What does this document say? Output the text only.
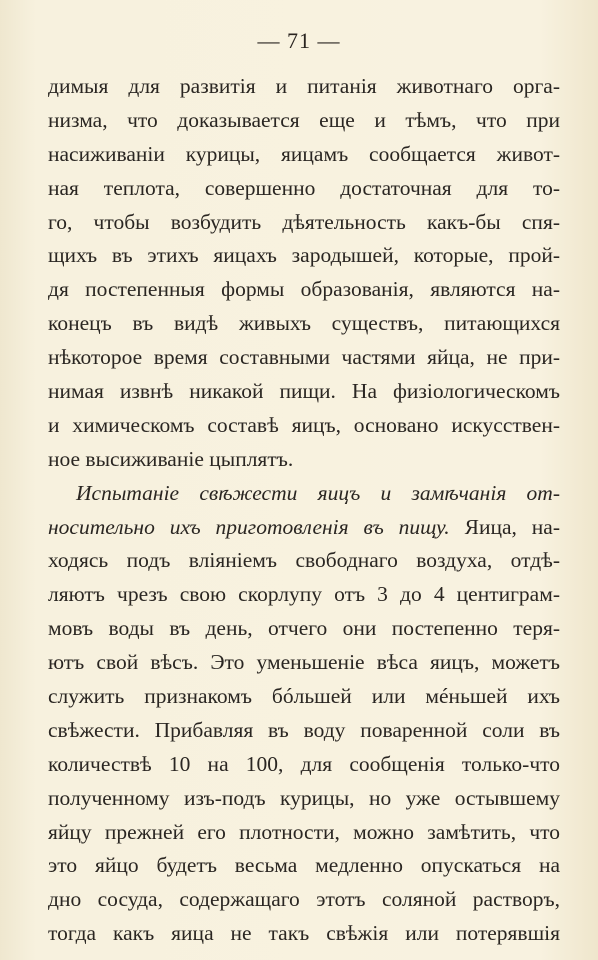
— 71 —
димыя для развитія и питанія животнаго орга-
низма, что доказывается еще и тѣмъ, что при
насиживаніи курицы, яицамъ сообщается живот-
ная теплота, совершенно достаточная для то-
го, чтобы возбудить дѣятельность какъ-бы спя-
щихъ въ этихъ яицахъ зародышей, которые, прой-
дя постепенныя формы образованія, являются на-
конецъ въ видѣ живыхъ существъ, питающихся
нѣкоторое время составными частями яйца, не при-
нимая извнѣ никакой пищи. На физіологическомъ
и химическомъ составѣ яицъ, основано искусствен-
ное высиживаніе цыплятъ.
Испытаніе свѣжести яицъ и замѣчанія от-
носительно ихъ приготовленія въ пищу. Яица, на-
ходясь подъ вліяніемъ свободнаго воздуха, отдѣ-
ляютъ чрезъ свою скорлупу отъ 3 до 4 центиграм-
мовъ воды въ день, отчего они постепенно теря-
ютъ свой вѣсъ. Это уменьшеніе вѣса яицъ, можетъ
служить признакомъ бóльшей или мéньшей ихъ
свѣжести. Прибавляя въ воду поваренной соли въ
количествѣ 10 на 100, для сообщенія только-что
полученному изъ-подъ курицы, но уже остывшему
яйцу прежней его плотности, можно замѣтить, что
это яйцо будетъ весьма медленно опускаться на
дно сосуда, содержащаго этотъ соляной растворъ,
тогда какъ яица не такъ свѣжія или потерявшія
